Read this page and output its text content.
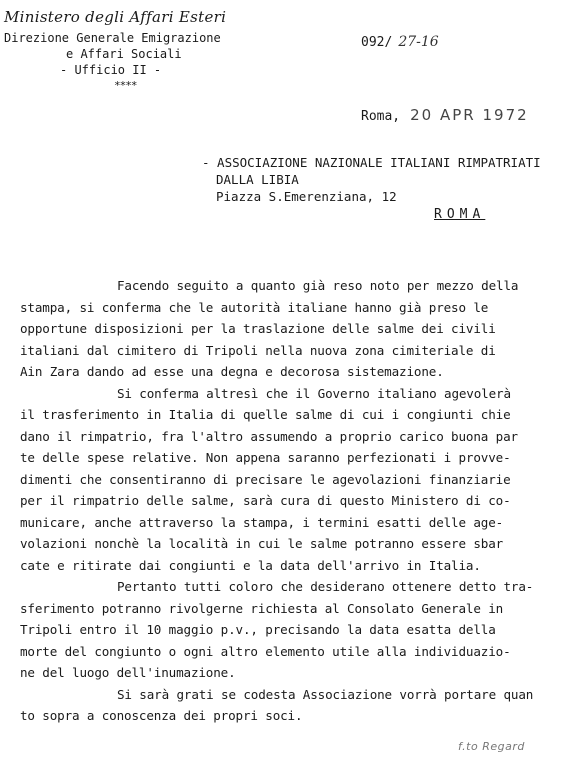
Ministero degli Affari Esteri
Direzione Generale Emigrazione
e Affari Sociali
- Ufficio II -
****
092/ 27-16
Roma, 20 APR 1972
- ASSOCIAZIONE NAZIONALE ITALIANI RIMPATRIATI
DALLA LIBIA
Piazza S.Emerenziana, 12
ROMA
Facendo seguito a quanto già reso noto per mezzo della
stampa, si conferma che le autorità italiane hanno già preso le
opportune disposizioni per la traslazione delle salme dei civili
italiani dal cimitero di Tripoli nella nuova zona cimiteriale di
Ain Zara dando ad esse una degna e decorosa sistemazione.
Si conferma altresì che il Governo italiano agevolerà
il trasferimento in Italia di quelle salme di cui i congiunti chie
dano il rimpatrio, fra l'altro assumendo a proprio carico buona par
te delle spese relative. Non appena saranno perfezionati i provve-
dimenti che consentiranno di precisare le agevolazioni finanziarie
per il rimpatrio delle salme, sarà cura di questo Ministero di co-
municare, anche attraverso la stampa, i termini esatti delle age-
volazioni nonchè la località in cui le salme potranno essere sbar
cate e ritirate dai congiunti e la data dell'arrivo in Italia.
Pertanto tutti coloro che desiderano ottenere detto tra-
sferimento potranno rivolgerne richiesta al Consolato Generale in
Tripoli entro il 10 maggio p.v., precisando la data esatta della
morte del congiunto o ogni altro elemento utile alla individuazio-
ne del luogo dell'inumazione.
Si sarà grati se codesta Associazione vorrà portare quan
to sopra a conoscenza dei propri soci.
f.to Regard
